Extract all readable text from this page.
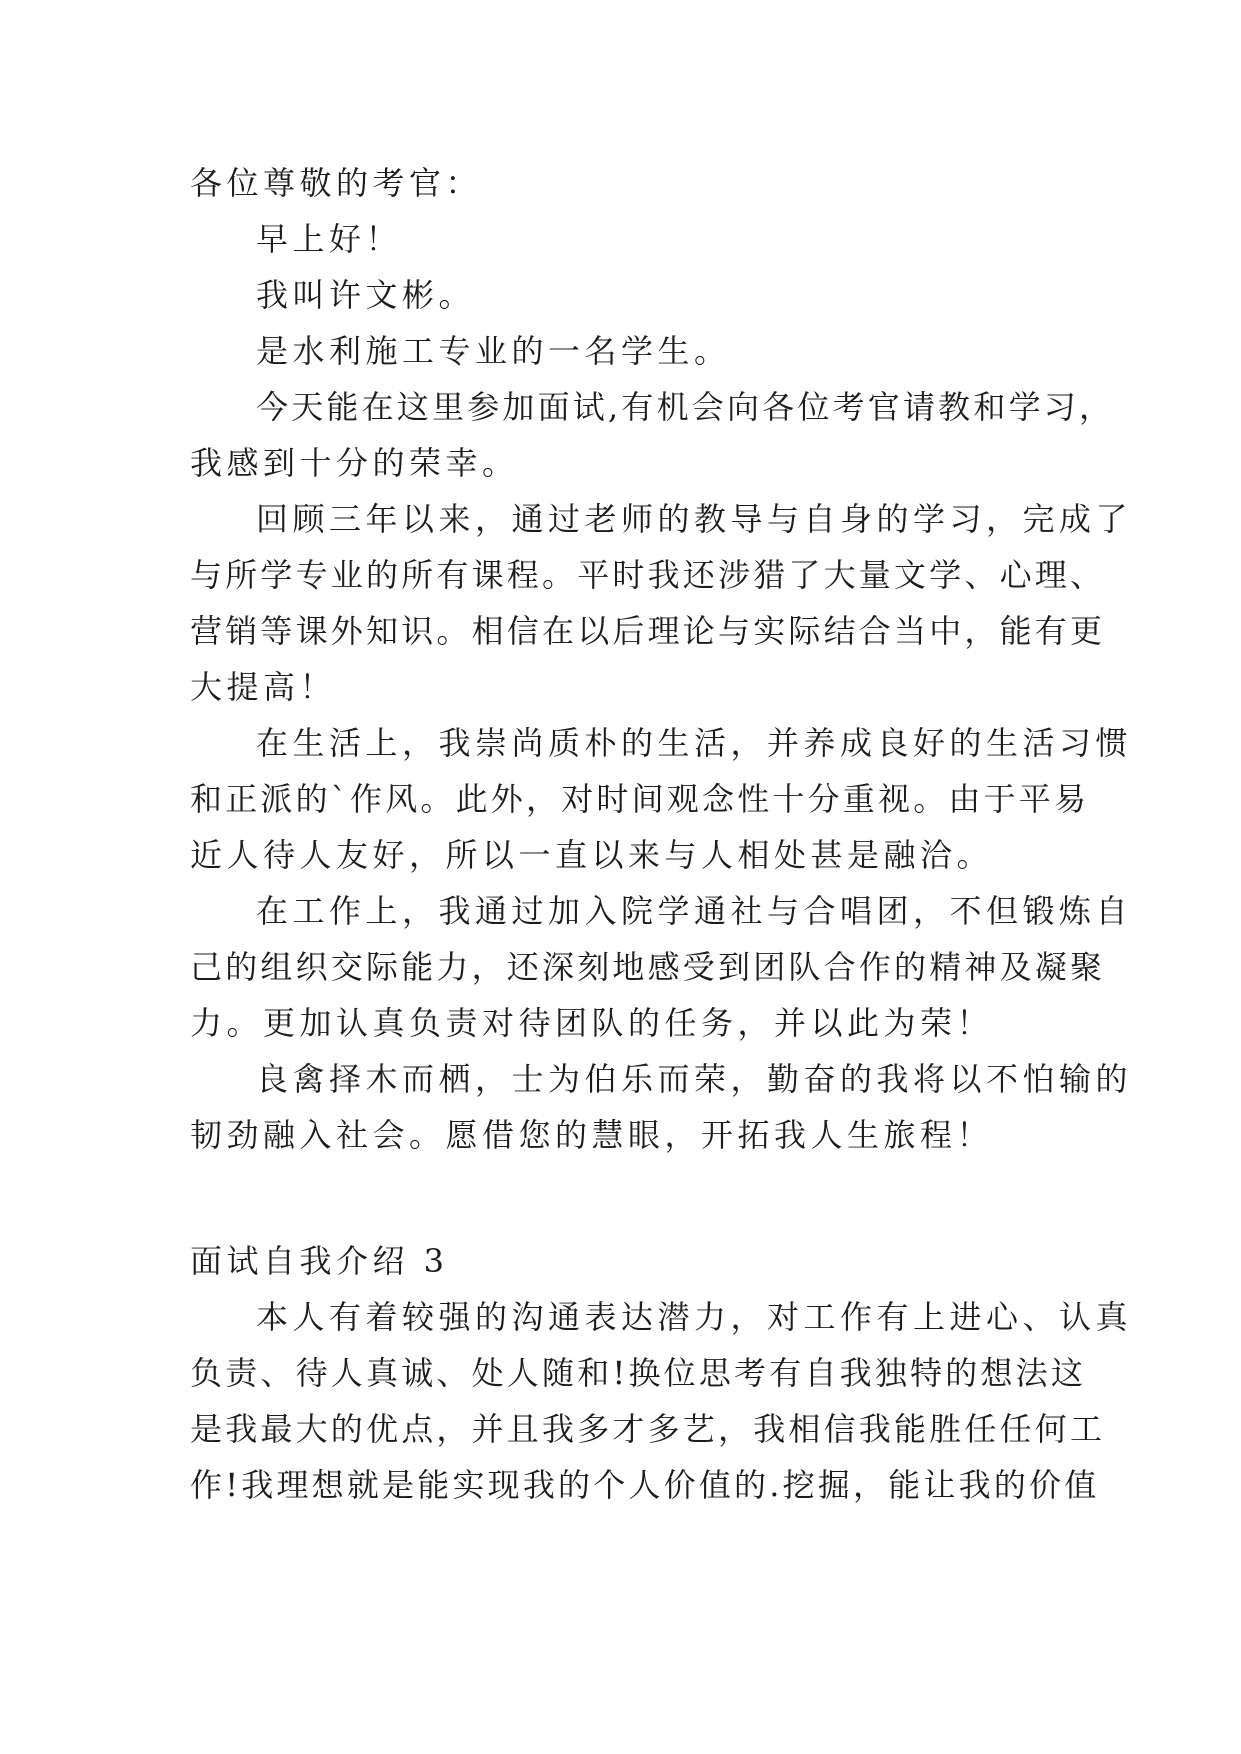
各位尊敬的考官：

早上好！

我叫许文彬。

是水利施工专业的一名学生。

今天能在这里参加面试,有机会向各位考官请教和学习，

我感到十分的荣幸。

回顾三年以来，通过老师的教导与自身的学习，完成了

与所学专业的所有课程。平时我还涉猎了大量文学、心理、

营销等课外知识。相信在以后理论与实际结合当中，能有更

大提高！

在生活上，我崇尚质朴的生活，并养成良好的生活习惯

和正派的`作风。此外，对时间观念性十分重视。由于平易

近人待人友好，所以一直以来与人相处甚是融洽。

在工作上，我通过加入院学通社与合唱团，不但锻炼自

己的组织交际能力，还深刻地感受到团队合作的精神及凝聚

力。更加认真负责对待团队的任务，并以此为荣！

良禽择木而栖，士为伯乐而荣，勤奋的我将以不怕输的

韧劲融入社会。愿借您的慧眼，开拓我人生旅程！

面试自我介绍 3

本人有着较强的沟通表达潜力，对工作有上进心、认真

负责、待人真诚、处人随和!换位思考有自我独特的想法这

是我最大的优点，并且我多才多艺，我相信我能胜任任何工

作!我理想就是能实现我的个人价值的.挖掘，能让我的价值
